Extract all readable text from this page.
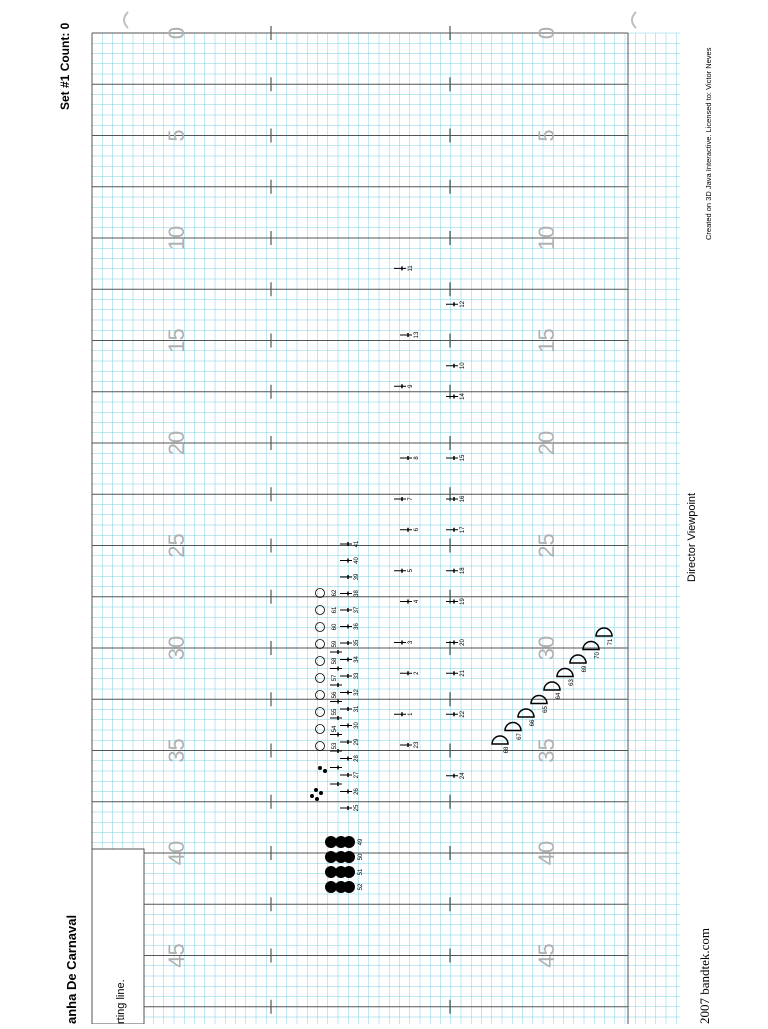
0	0
5	5
10	10
15	15
20	20
25	25
30	30
35	35
40	40
45	45
11
12
13
10
9
14
8	15
7	16
6	17
5	18
4	19
3	20
2	21
1	22
23
24
41
40
39
38
37
36
35
34
33
32
31
30
29
28
27
26
25
62
61
60
59
58
57
56
55
54
53
52
51
50
49
68
67
66
65
64
63
69
70
71
Set #1 Count: 0
anha De Carnaval	rting line.	2007 bandtek.com
Director Viewpoint
Created on 3D Java Interactive. Licensed to: Victor Neves
